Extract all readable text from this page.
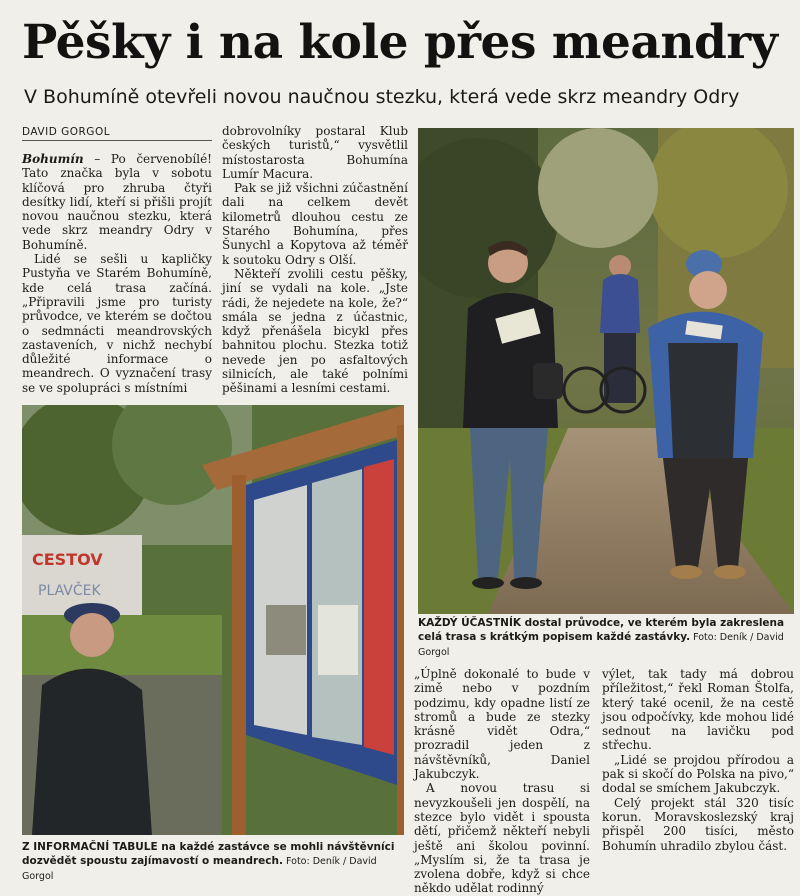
Pěšky i na kole přes meandry
V Bohumíně otevřeli novou naučnou stezku, která vede skrz meandry Odry
DAVID GORGOL

Bohumín – Po červenobílé! Tato značka byla v sobotu klíčová pro zhruba čtyři desítky lidí, kteří si přišli projít novou naučnou stezku, která vede skrz meandry Odry v Bohumíně.

Lidé se sešli u kapličky Pustyňa ve Starém Bohumíně, kde celá trasa začíná. „Připravili jsme pro turisty průvodce, ve kterém se dočtou o sedmnácti meandrovských zastaveních, v nichž nechybí důležité informace o meandrech. O vyznačení trasy se ve spolupráci s místními

dobrovolníky postaral Klub českých turistů,“ vysvětlil místostarosta Bohumína Lumír Macura.

Pak se již všichni zúčastnění dali na celkem devět kilometrů dlouhou cestu ze Starého Bohumína, přes Šunychl a Kopytova až téměř k soutoku Odry s Olší.

Někteří zvolili cestu pěšky, jiní se vydali na kole. „Jste rádi, že nejedete na kole, že?“ smála se jedna z účastnic, když přenášela bicykl přes bahnitou plochu. Stezka totiž nevede jen po asfaltových silnicích, ale také polními pěšinami a lesními cestami.

KAŽDÝ ÚČASTNÍK dostal průvodce, ve kterém byla zakreslena celá trasa s krátkým popisem každé zastávky. Foto: Deník / David Gorgol
CESTOV
PLAVČEK
Z INFORMAČNÍ TABULE na každé zastávce se mohli návštěvníci dozvědět spoustu zajímavostí o meandrech. Foto: Deník / David Gorgol

„Úplně dokonalé to bude v zimě nebo v pozdním podzimu, kdy opadne listí ze stromů a bude ze stezky krásně vidět Odra,“ prozradil jeden z návštěvníků, Daniel Jakubczyk.

A novou trasu si nevyzkoušeli jen dospělí, na stezce bylo vidět i spousta dětí, přičemž někteří nebyli ještě ani školou povinní. „Myslím si, že ta trasa je zvolena dobře, když si chce někdo udělat rodinný

výlet, tak tady má dobrou příležitost,“ řekl Roman Štolfa, který také ocenil, že na cestě jsou odpočívky, kde mohou lidé sednout na lavičku pod střechu.

„Lidé se projdou přírodou a pak si skočí do Polska na pivo,“ dodal se smíchem Jakubczyk.

Celý projekt stál 320 tisíc korun. Moravskoslezský kraj přispěl 200 tisíci, město Bohumín uhradilo zbylou část.
